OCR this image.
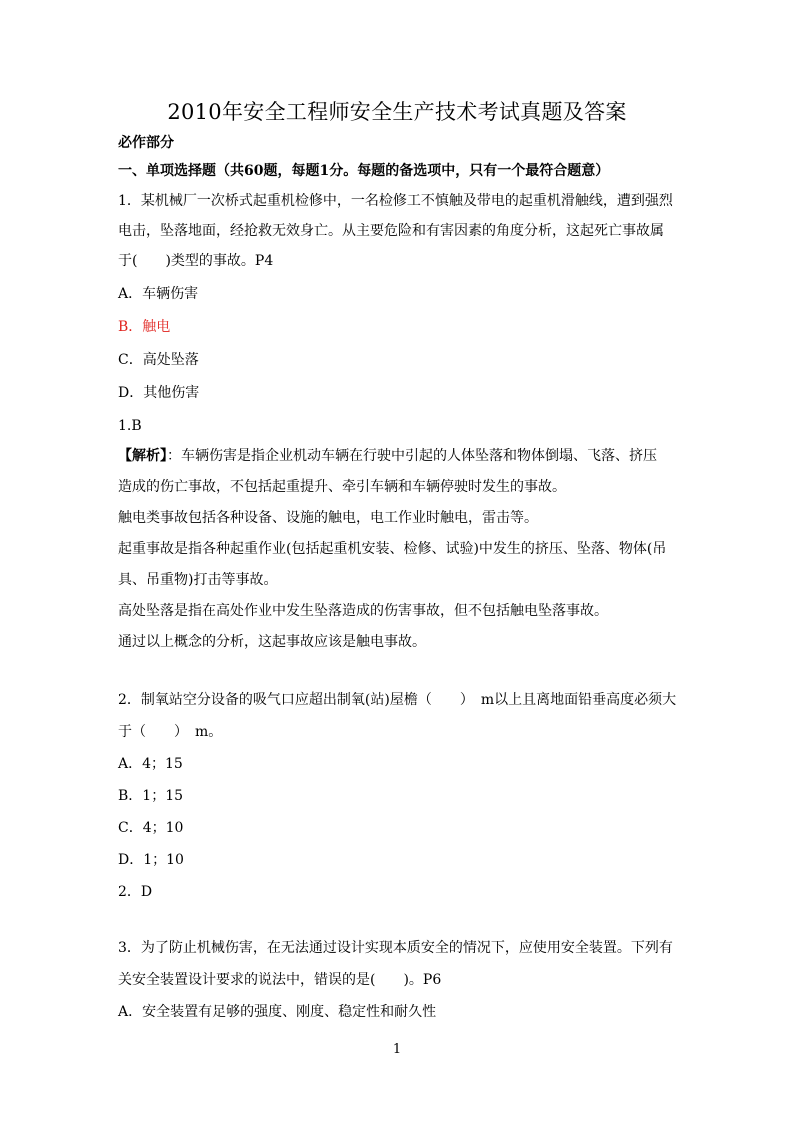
2010年安全工程师安全生产技术考试真题及答案
必作部分
一、单项选择题（共60题，每题1分。每题的备选项中，只有一个最符合题意）
1．某机械厂一次桥式起重机检修中，一名检修工不慎触及带电的起重机滑触线，遭到强烈
电击，坠落地面，经抢救无效身亡。从主要危险和有害因素的角度分析，这起死亡事故属
于(　　)类型的事故。P4
A．车辆伤害
B．触电
C．高处坠落
D．其他伤害
1.B
【解析】：车辆伤害是指企业机动车辆在行驶中引起的人体坠落和物体倒塌、飞落、挤压
造成的伤亡事故，不包括起重提升、牵引车辆和车辆停驶时发生的事故。
触电类事故包括各种设备、设施的触电，电工作业时触电，雷击等。
起重事故是指各种起重作业(包括起重机安装、检修、试验)中发生的挤压、坠落、物体(吊
具、吊重物)打击等事故。
高处坠落是指在高处作业中发生坠落造成的伤害事故，但不包括触电坠落事故。
通过以上概念的分析，这起事故应该是触电事故。
2．制氧站空分设备的吸气口应超出制氧(站)屋檐（　　）　m以上且离地面铅垂高度必须大
于（　　）　m。
A．4；15
B．1；15
C．4；10
D．1；10
2．D
3．为了防止机械伤害，在无法通过设计实现本质安全的情况下，应使用安全装置。下列有
关安全装置设计要求的说法中，错误的是(　　)。P6
A．安全装置有足够的强度、刚度、稳定性和耐久性
1
